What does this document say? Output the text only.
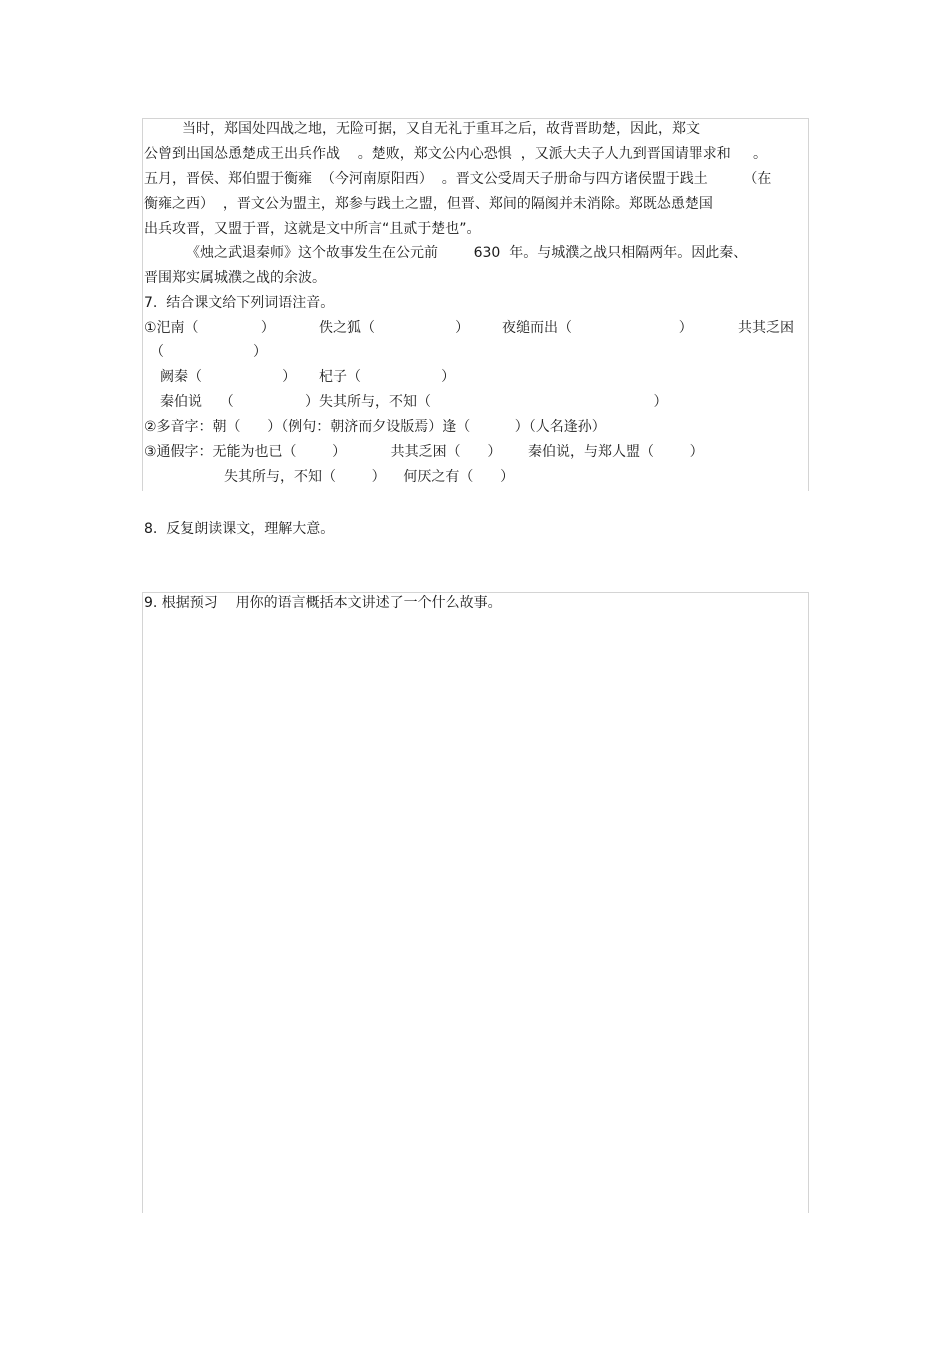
当时，郑国处四战之地，无险可据，又自无礼于重耳之后，故背晋助楚，因此，郑文

公曾到出国怂恿楚成王出兵作战    。楚败，郑文公内心恐惧  ，又派大夫子人九到晋国请罪求和     。

五月，晋侯、郑伯盟于衡雍  （今河南原阳西）  。晋文公受周天子册命与四方诸侯盟于践土        （在

衡雍之西）  ，晋文公为盟主，郑参与践土之盟，但晋、郑间的隔阂并未消除。郑既怂恿楚国

出兵攻晋，又盟于晋，这就是文中所言“且贰于楚也”。

《烛之武退秦师》这个故事发生在公元前        630  年。与城濮之战只相隔两年。因此秦、

晋围郑实属城濮之战的余波。

7.  结合课文给下列词语注音。

①汜南（              ）	佚之狐（                  ） 夜缒而出（                        ）	共其乏困

（                    ）

阙秦（                  ） 杞子（                  ）

秦伯说    （                ）失其所与，不知（                                                  ）

②多音字：朝（      ）（例句：朝济而夕设版焉）逢（          ）（人名逢孙）

③通假字：无能为也已（        ）          共其乏困（      ）      秦伯说，与郑人盟（        ）

失其所与，不知（        ）    何厌之有（      ）

8.  反复朗读课文，理解大意。

9. 根据预习    用你的语言概括本文讲述了一个什么故事。
